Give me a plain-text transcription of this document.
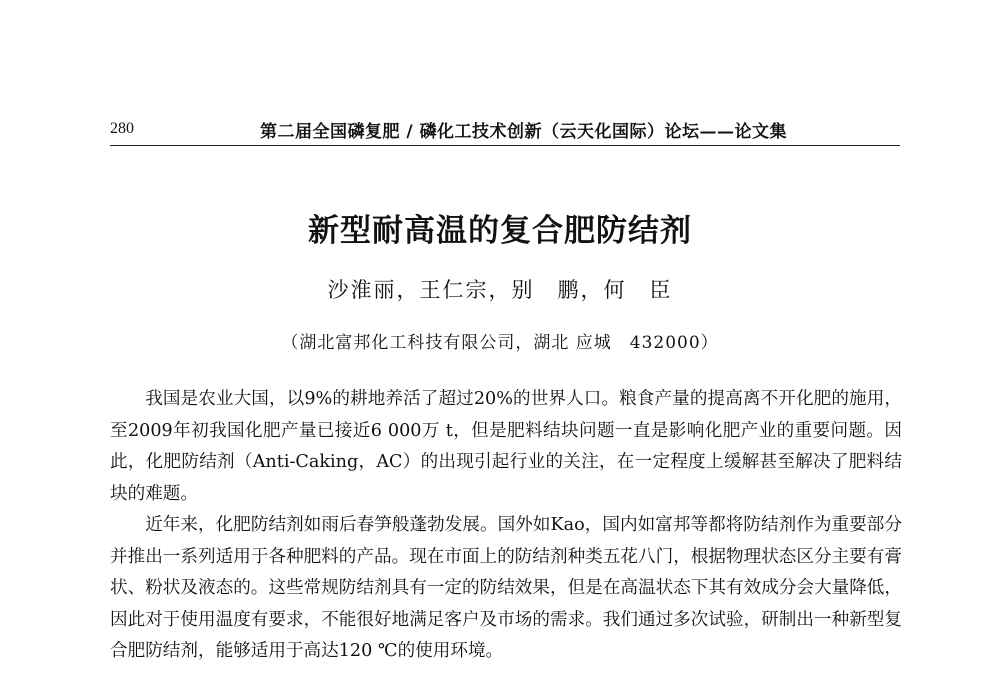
280	第二届全国磷复肥 / 磷化工技术创新（云天化国际）论坛——论文集
新型耐高温的复合肥防结剂
沙淮丽，王仁宗，别　鹏，何　臣
（湖北富邦化工科技有限公司，湖北 应城　432000）

我国是农业大国，以9%的耕地养活了超过20%的世界人口。粮食产量的提高离不开化肥的施用，至2009年初我国化肥产量已接近6 000万 t，但是肥料结块问题一直是影响化肥产业的重要问题。因此，化肥防结剂（Anti-Caking，AC）的出现引起行业的关注，在一定程度上缓解甚至解决了肥料结块的难题。

近年来，化肥防结剂如雨后春笋般蓬勃发展。国外如Kao，国内如富邦等都将防结剂作为重要部分并推出一系列适用于各种肥料的产品。现在市面上的防结剂种类五花八门，根据物理状态区分主要有膏状、粉状及液态的。这些常规防结剂具有一定的防结效果，但是在高温状态下其有效成分会大量降低，因此对于使用温度有要求，不能很好地满足客户及市场的需求。我们通过多次试验，研制出一种新型复合肥防结剂，能够适用于高达120 ℃的使用环境。
